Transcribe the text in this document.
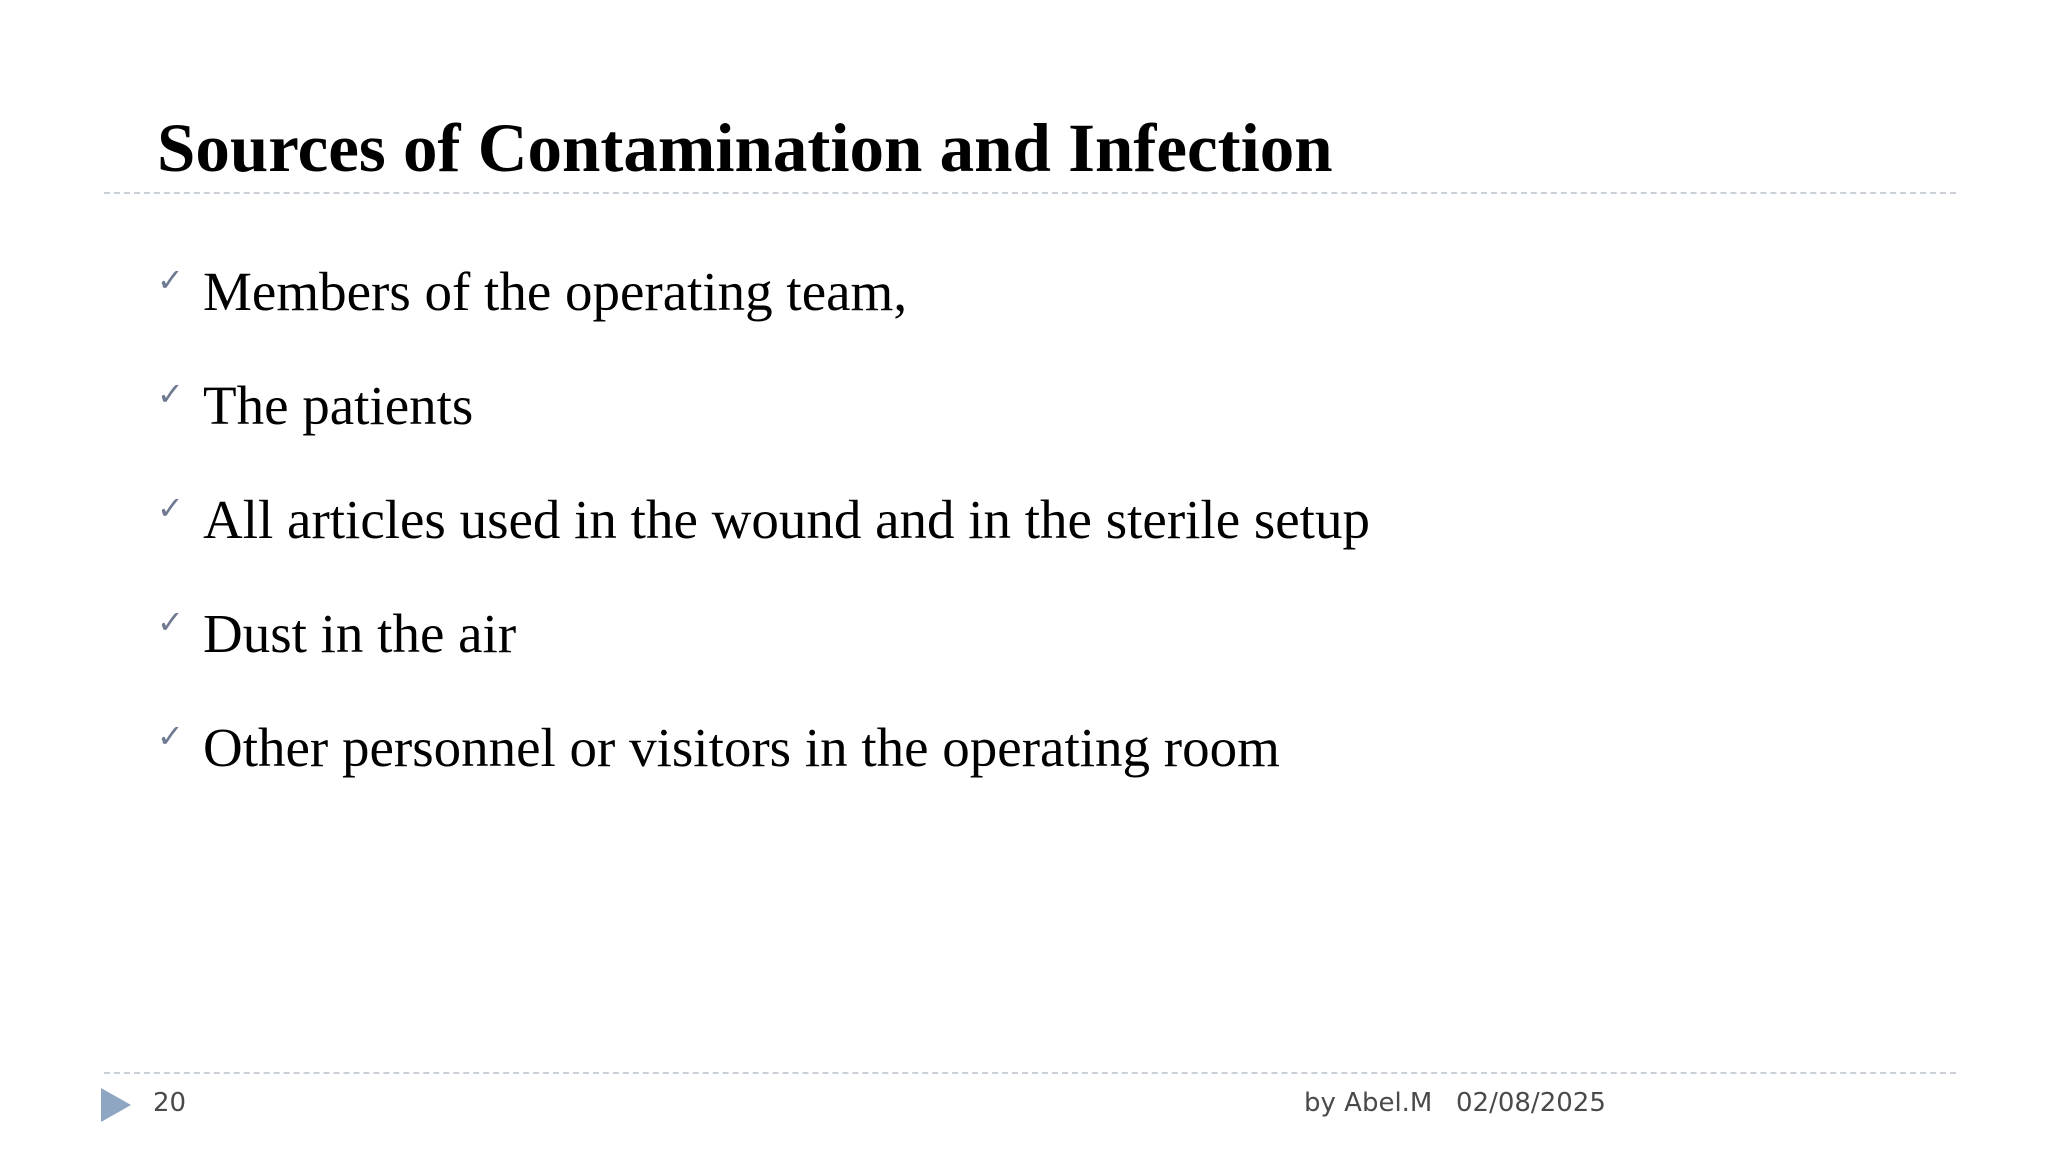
Sources of Contamination and Infection
✓ Members of the operating team,
✓ The patients
✓ All articles used in the wound and in the sterile setup
✓ Dust in the air
✓ Other personnel or visitors in the operating room
20	by Abel.M 02/08/2025
